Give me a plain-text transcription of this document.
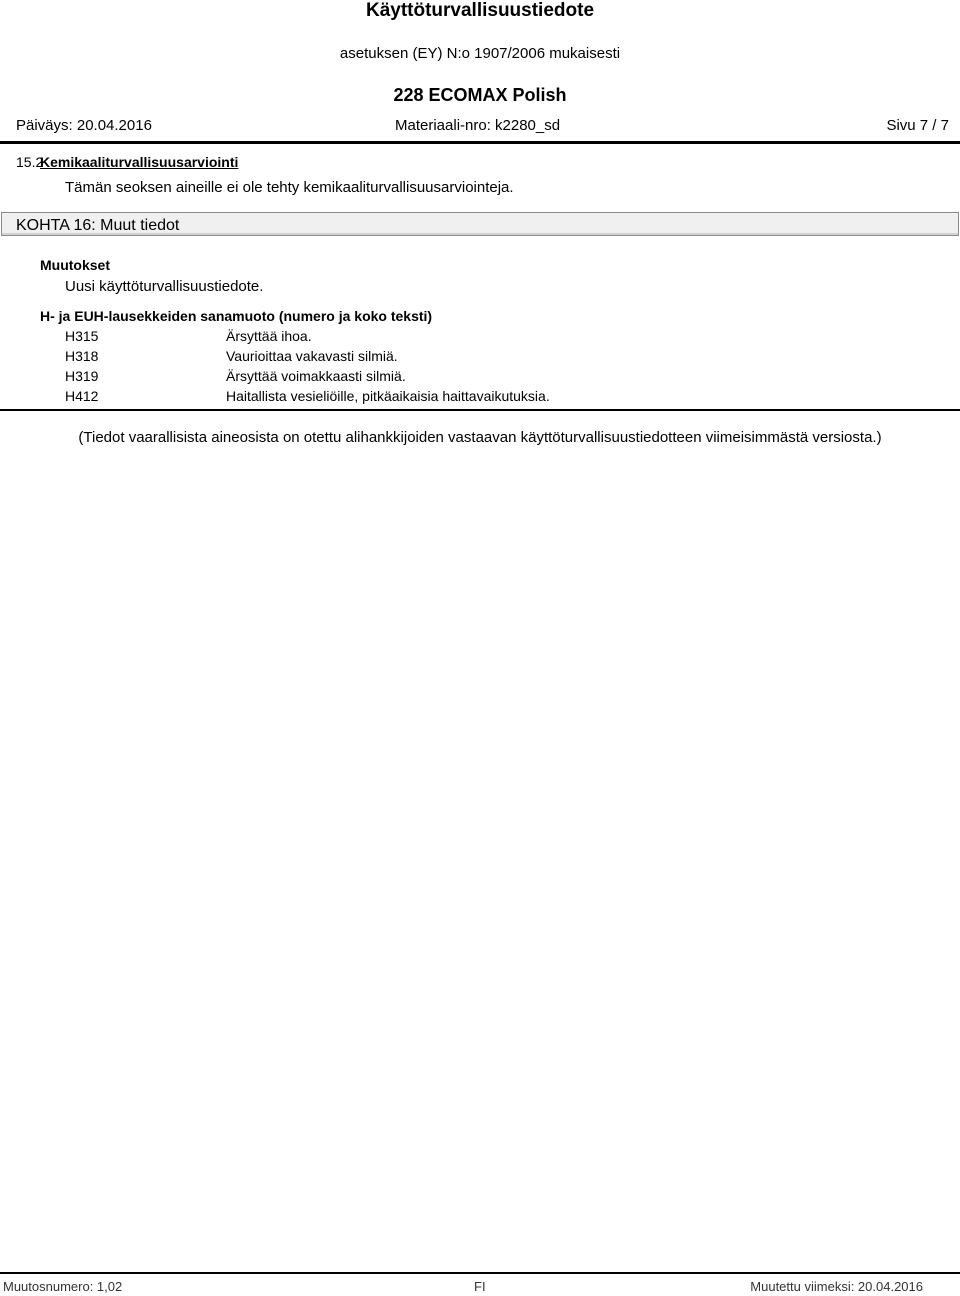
Käyttöturvallisuustiedote
asetuksen (EY) N:o 1907/2006 mukaisesti
228 ECOMAX Polish
Päiväys: 20.04.2016	Materiaali-nro: k2280_sd	Sivu 7 / 7
15.2
Kemikaaliturvallisuusarviointi
Tämän seoksen aineille ei ole tehty kemikaaliturvallisuusarviointeja.
KOHTA 16: Muut tiedot
Muutokset
Uusi käyttöturvallisuustiedote.
H- ja EUH-lausekkeiden sanamuoto (numero ja koko teksti)
H315	Ärsyttää ihoa.
H318	Vaurioittaa vakavasti silmiä.
H319	Ärsyttää voimakkaasti silmiä.
H412	Haitallista vesieliöille, pitkäaikaisia haittavaikutuksia.
(Tiedot vaarallisista aineosista on otettu alihankkijoiden vastaavan käyttöturvallisuustiedotteen viimeisimmästä versiosta.)
Muutosnumero: 1,02	FI	Muutettu viimeksi: 20.04.2016
